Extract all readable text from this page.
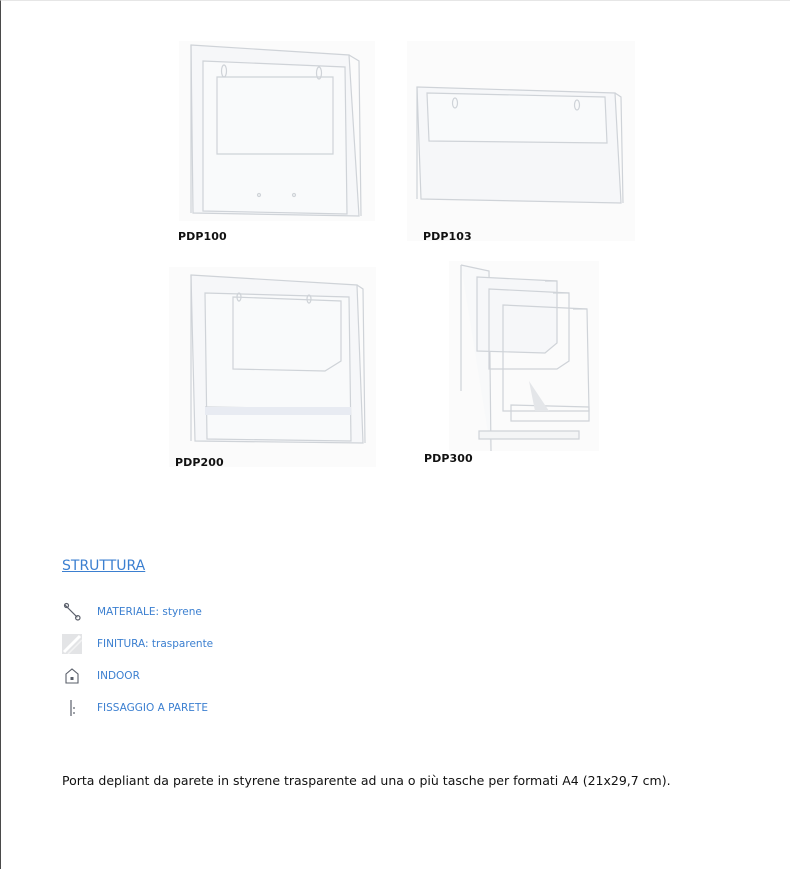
PDP100	PDP103
PDP200	PDP300
STRUTTURA
MATERIALE: styrene
FINITURA: trasparente
INDOOR
FISSAGGIO A PARETE
Porta depliant da parete in styrene trasparente ad una o più tasche per formati A4 (21x29,7 cm).
